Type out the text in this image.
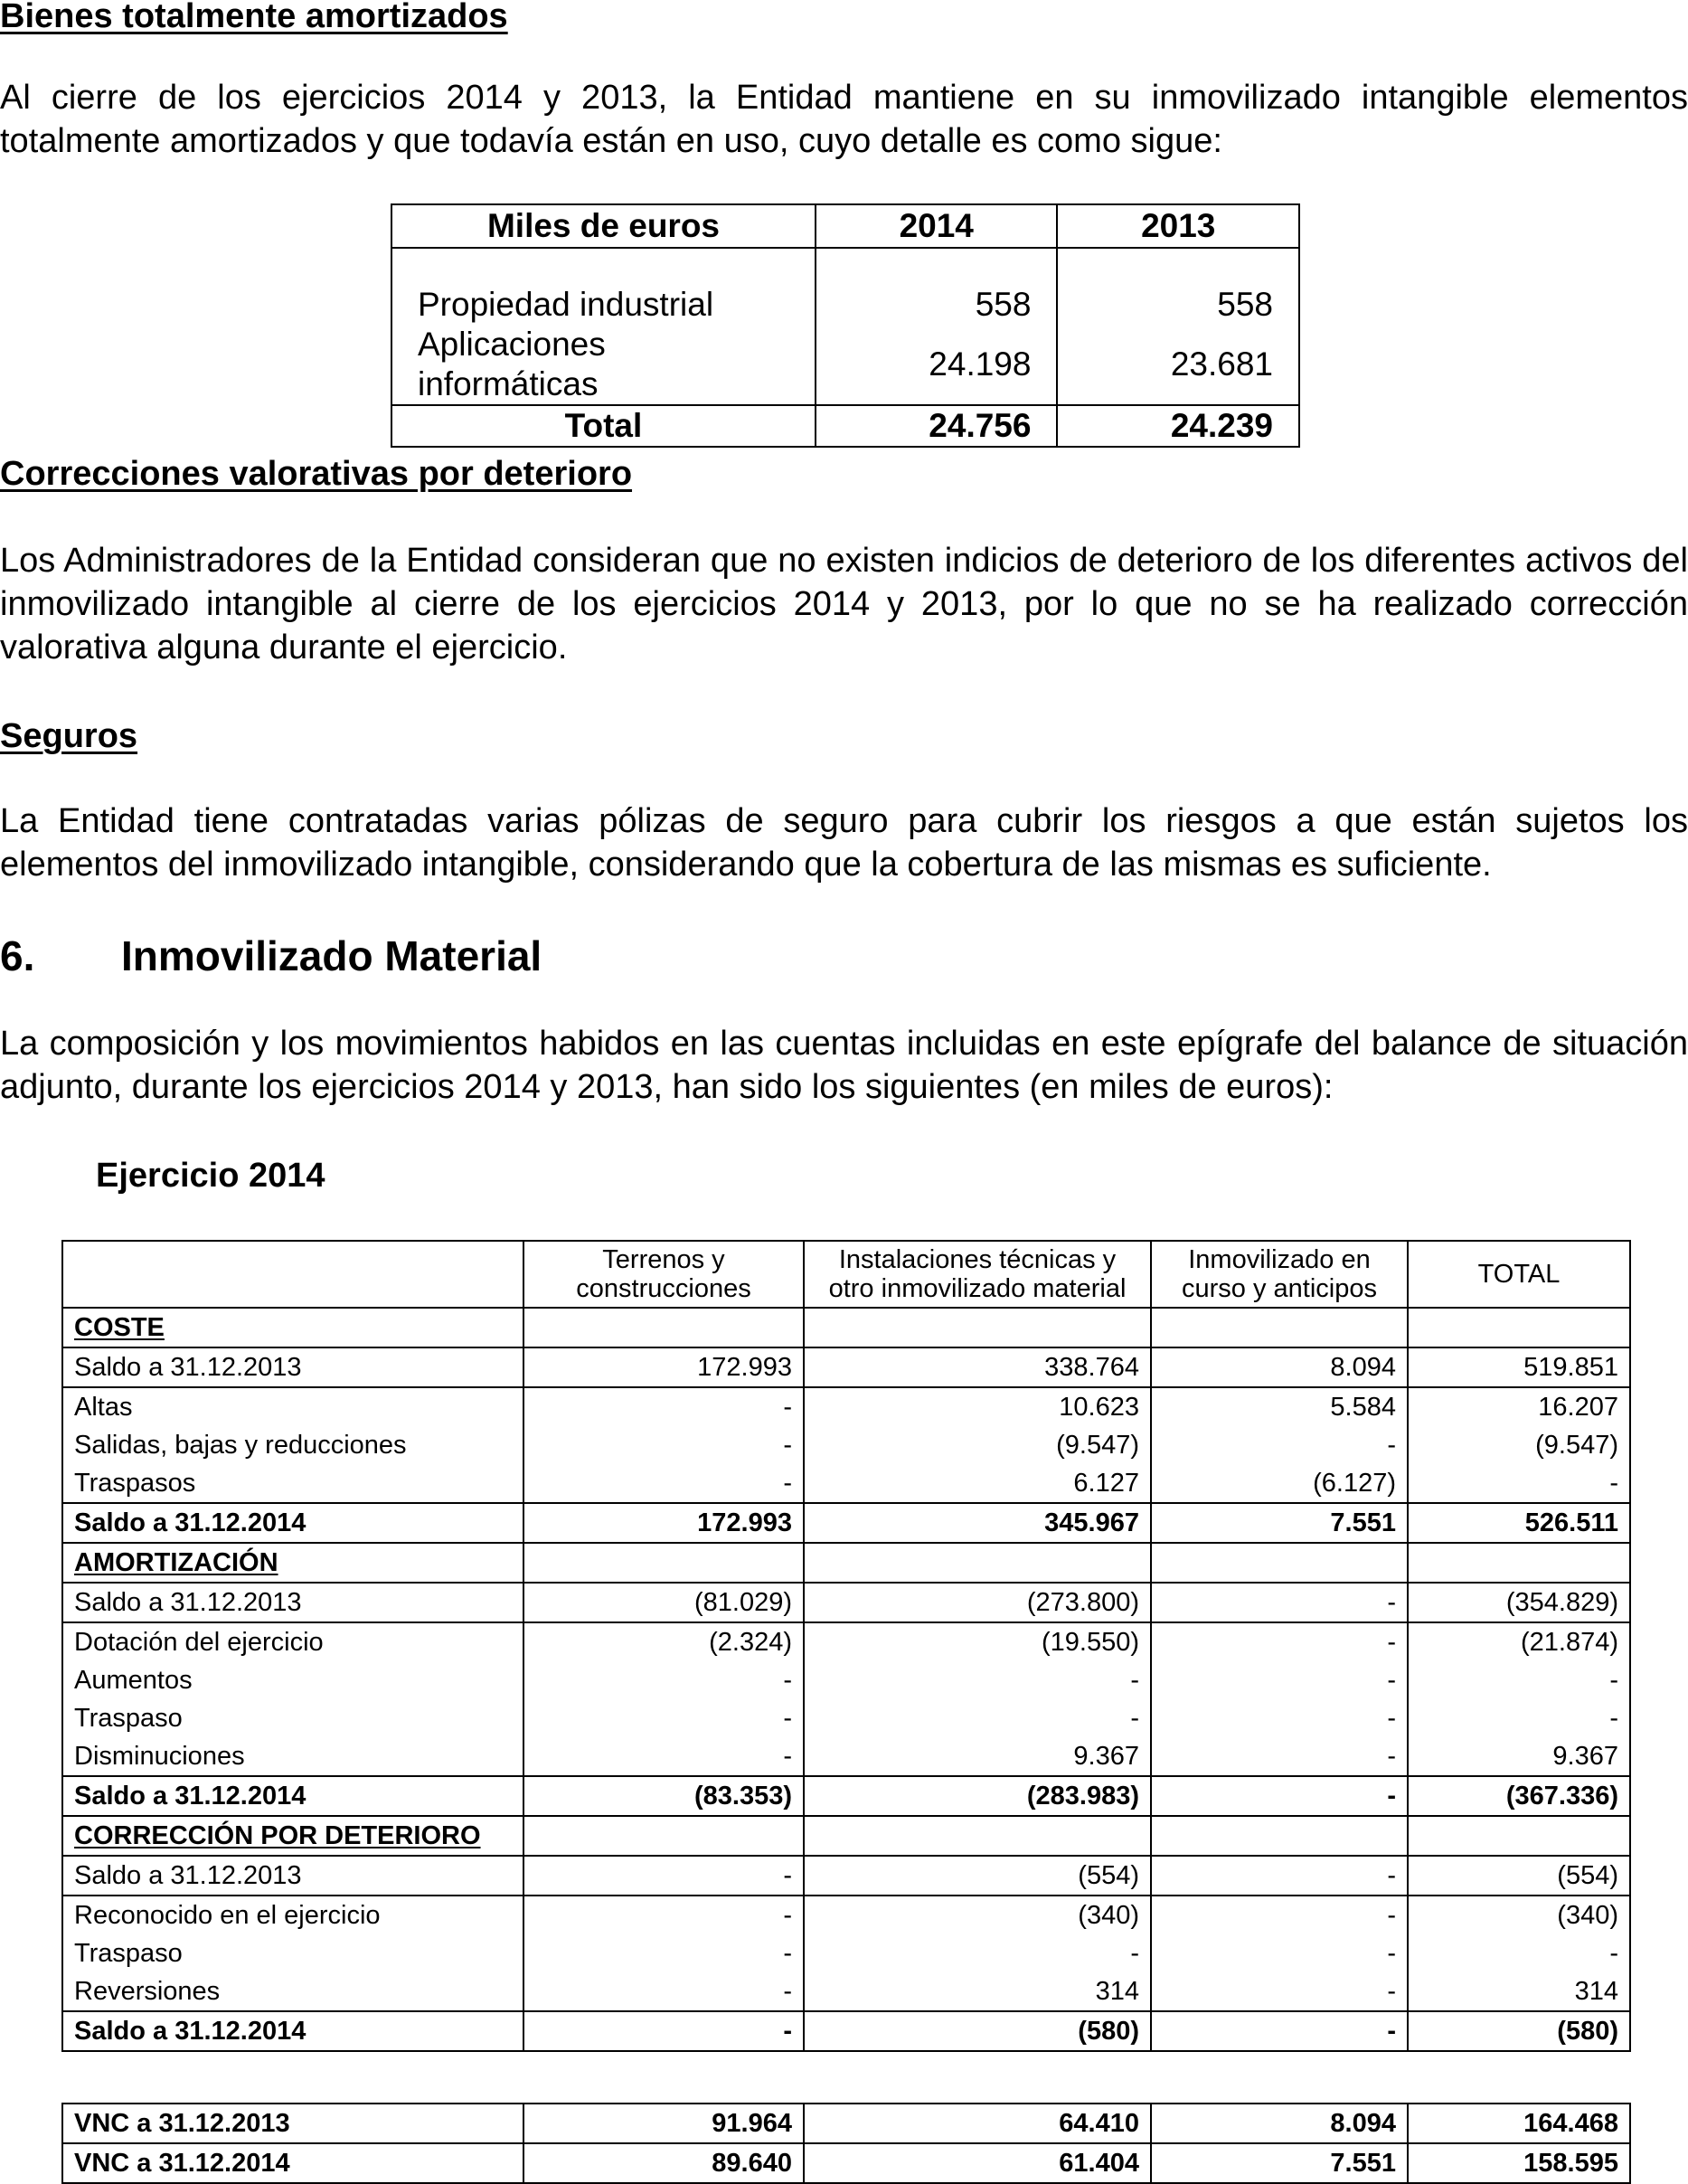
Bienes totalmente amortizados

Al cierre de los ejercicios 2014 y 2013, la Entidad mantiene en su inmovilizado intangible elementos totalmente amortizados y que todavía están en uso, cuyo detalle es como sigue:

Miles de euros	2014	2013

Propiedad industrial	558	558
Aplicaciones informáticas	24.198	23.681
Total	24.756	24.239
Correcciones valorativas por deterioro

Los Administradores de la Entidad consideran que no existen indicios de deterioro de los diferentes activos del inmovilizado intangible al cierre de los ejercicios 2014 y 2013, por lo que no se ha realizado corrección valorativa alguna durante el ejercicio.

Seguros

La Entidad tiene contratadas varias pólizas de seguro para cubrir los riesgos a que están sujetos los elementos del inmovilizado intangible, considerando que la cobertura de las mismas es suficiente.

6. Inmovilizado Material

La composición y los movimientos habidos en las cuentas incluidas en este epígrafe del balance de situación adjunto, durante los ejercicios 2014 y 2013, han sido los siguientes (en miles de euros):

Ejercicio 2014
	Terrenos y construcciones	Instalaciones técnicas y otro inmovilizado material	Inmovilizado en curso y anticipos	TOTAL
COSTE				
Saldo a 31.12.2013	172.993	338.764	8.094	519.851
Altas	-	10.623	5.584	16.207
Salidas, bajas y reducciones	-	(9.547)	-	(9.547)
Traspasos	-	6.127	(6.127)	-
Saldo a 31.12.2014	172.993	345.967	7.551	526.511
AMORTIZACIÓN				
Saldo a 31.12.2013	(81.029)	(273.800)	-	(354.829)
Dotación del ejercicio	(2.324)	(19.550)	-	(21.874)
Aumentos	-	-	-	-
Traspaso	-	-	-	-
Disminuciones	-	9.367	-	9.367
Saldo a 31.12.2014	(83.353)	(283.983)	-	(367.336)
CORRECCIÓN POR DETERIORO				
Saldo a 31.12.2013	-	(554)	-	(554)
Reconocido en el ejercicio	-	(340)	-	(340)
Traspaso	-	-	-	-
Reversiones	-	314	-	314
Saldo a 31.12.2014	-	(580)	-	(580)
VNC a 31.12.2013	91.964	64.410	8.094	164.468
VNC a 31.12.2014	89.640	61.404	7.551	158.595
